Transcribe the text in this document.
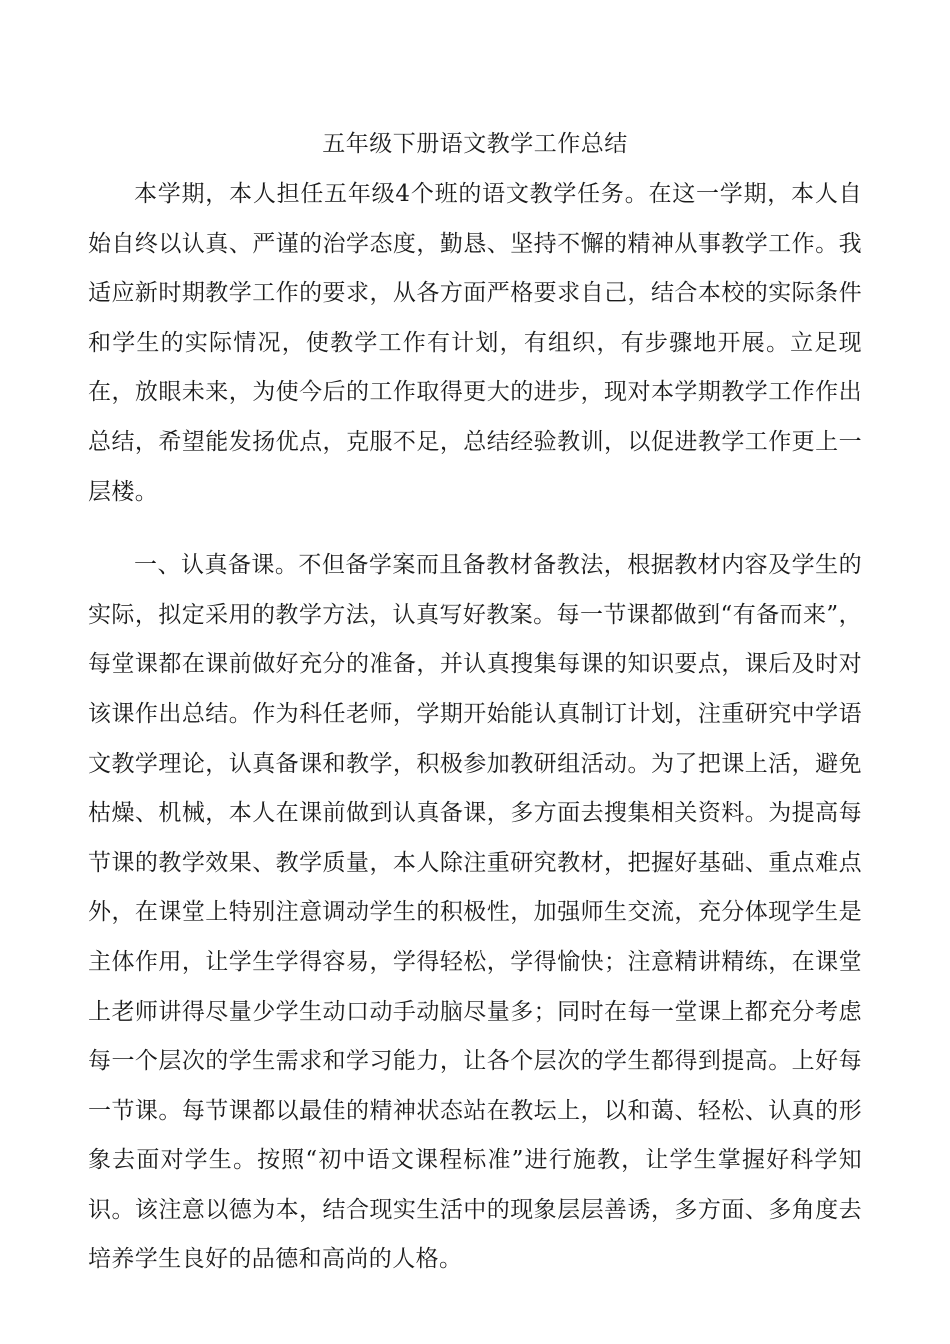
五年级下册语文教学工作总结

本学期，本人担任五年级4个班的语文教学任务。在这一学期，本人自始自终以认真、严谨的治学态度，勤恳、坚持不懈的精神从事教学工作。我适应新时期教学工作的要求，从各方面严格要求自己，结合本校的实际条件和学生的实际情况，使教学工作有计划，有组织，有步骤地开展。立足现在，放眼未来，为使今后的工作取得更大的进步，现对本学期教学工作作出总结，希望能发扬优点，克服不足，总结经验教训，以促进教学工作更上一层楼。

一、认真备课。不但备学案而且备教材备教法，根据教材内容及学生的实际，拟定采用的教学方法，认真写好教案。每一节课都做到“有备而来”，每堂课都在课前做好充分的准备，并认真搜集每课的知识要点，课后及时对该课作出总结。作为科任老师，学期开始能认真制订计划，注重研究中学语文教学理论，认真备课和教学，积极参加教研组活动。为了把课上活，避免枯燥、机械，本人在课前做到认真备课，多方面去搜集相关资料。为提高每节课的教学效果、教学质量，本人除注重研究教材，把握好基础、重点难点外，在课堂上特别注意调动学生的积极性，加强师生交流，充分体现学生是主体作用，让学生学得容易，学得轻松，学得愉快；注意精讲精练，在课堂上老师讲得尽量少学生动口动手动脑尽量多；同时在每一堂课上都充分考虑每一个层次的学生需求和学习能力，让各个层次的学生都得到提高。上好每一节课。每节课都以最佳的精神状态站在教坛上，以和蔼、轻松、认真的形象去面对学生。按照“初中语文课程标准”进行施教，让学生掌握好科学知识。该注意以德为本，结合现实生活中的现象层层善诱，多方面、多角度去培养学生良好的品德和高尚的人格。
